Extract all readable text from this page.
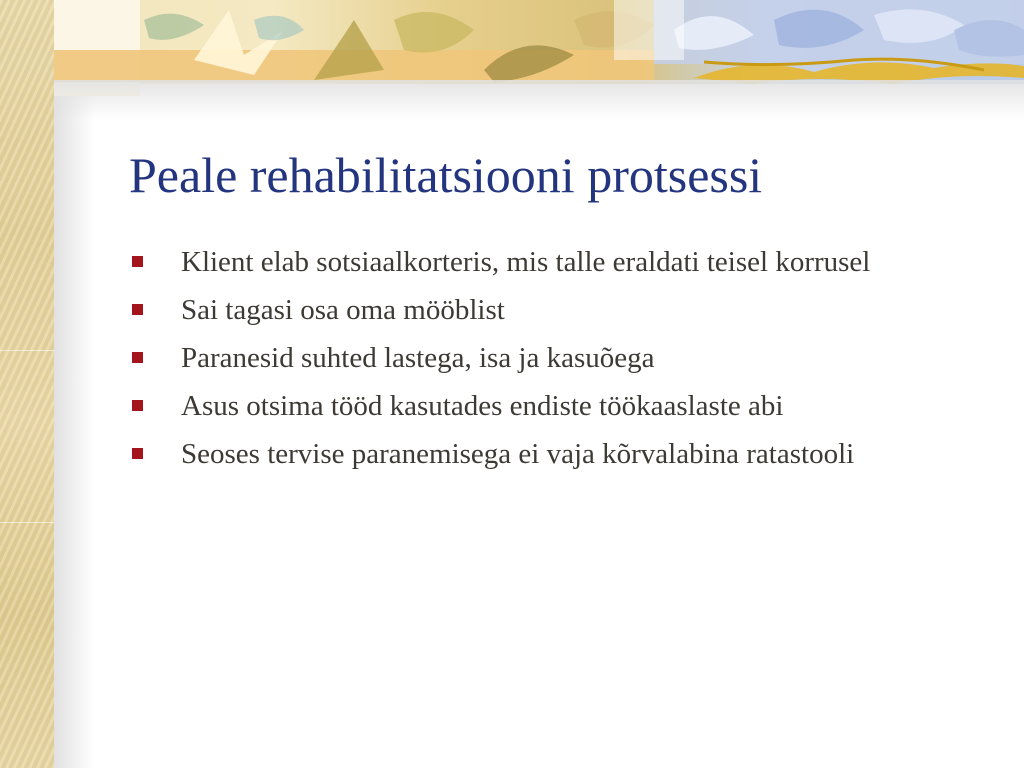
Peale rehabilitatsiooni protsessi
Klient elab sotsiaalkorteris, mis talle eraldati teisel korrusel
Sai tagasi osa oma mööblist
Paranesid suhted lastega, isa ja kasuõega
Asus otsima tööd kasutades endiste töökaaslaste abi
Seoses tervise paranemisega ei vaja kõrvalabina ratastooli
